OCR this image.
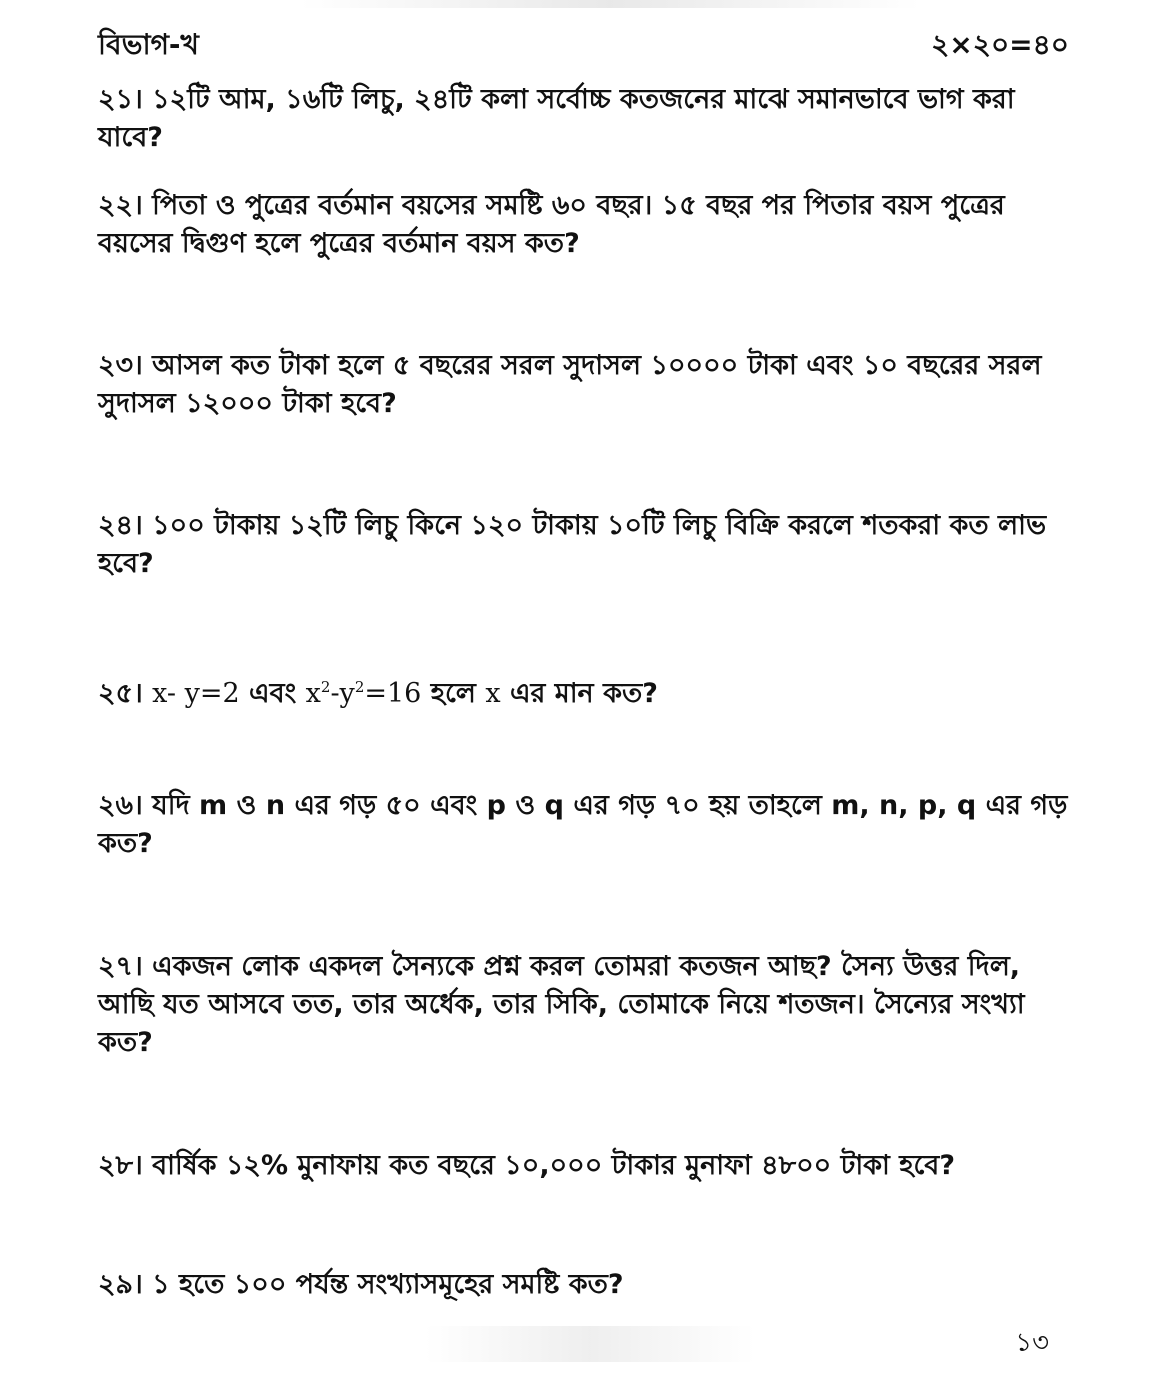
বিভাগ-খ	২×২০=৪০
২১। ১২টি আম, ১৬টি লিচু, ২৪টি কলা সর্বোচ্চ কতজনের মাঝে সমানভাবে ভাগ করা যাবে?
২২। পিতা ও পুত্রের বর্তমান বয়সের সমষ্টি ৬০ বছর। ১৫ বছর পর পিতার বয়স পুত্রের বয়সের দ্বিগুণ হলে পুত্রের বর্তমান বয়স কত?
২৩। আসল কত টাকা হলে ৫ বছরের সরল সুদাসল ১০০০০ টাকা এবং ১০ বছরের সরল সুদাসল ১২০০০ টাকা হবে?
২৪। ১০০ টাকায় ১২টি লিচু কিনে ১২০ টাকায় ১০টি লিচু বিক্রি করলে শতকরা কত লাভ হবে?
২৫। x- y=2 এবং $x^2-y^2=16$ হলে x এর মান কত?
২৬। যদি m ও n এর গড় ৫০ এবং p ও q এর গড় ৭০ হয় তাহলে m, n, p, q এর গড় কত?
২৭। একজন লোক একদল সৈন্যকে প্রশ্ন করল তোমরা কতজন আছ? সৈন্য উত্তর দিল, আছি যত আসবে তত, তার অর্ধেক, তার সিকি, তোমাকে নিয়ে শতজন। সৈন্যের সংখ্যা কত?
২৮। বার্ষিক ১২% মুনাফায় কত বছরে ১০,০০০ টাকার মুনাফা ৪৮০০ টাকা হবে?
২৯। ১ হতে ১০০ পর্যন্ত সংখ্যাসমূহের সমষ্টি কত?
১৩
